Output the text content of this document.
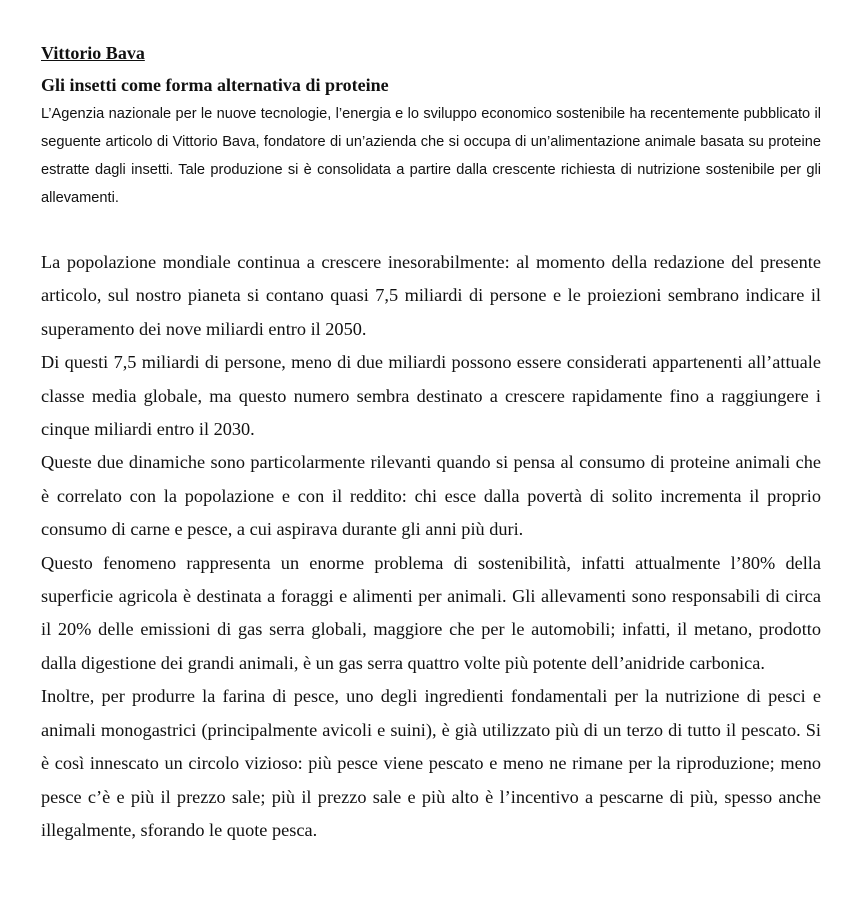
Vittorio Bava
Gli insetti come forma alternativa di proteine

L’Agenzia nazionale per le nuove tecnologie, l’energia e lo sviluppo economico sostenibile ha recentemente pubblicato il seguente articolo di Vittorio Bava, fondatore di un’azienda che si occupa di un’alimentazione animale basata su proteine estratte dagli insetti. Tale produzione si è consolidata a partire dalla crescente richiesta di nutrizione sostenibile per gli allevamenti.

La popolazione mondiale continua a crescere inesorabilmente: al momento della redazione del presente articolo, sul nostro pianeta si contano quasi 7,5 miliardi di persone e le proiezioni sembrano indicare il superamento dei nove miliardi entro il 2050.

Di questi 7,5 miliardi di persone, meno di due miliardi possono essere considerati appartenenti all’attuale classe media globale, ma questo numero sembra destinato a crescere rapidamente fino a raggiungere i cinque miliardi entro il 2030.

Queste due dinamiche sono particolarmente rilevanti quando si pensa al consumo di proteine animali che è correlato con la popolazione e con il reddito: chi esce dalla povertà di solito incrementa il proprio consumo di carne e pesce, a cui aspirava durante gli anni più duri.

Questo fenomeno rappresenta un enorme problema di sostenibilità, infatti attualmente l’80% della superficie agricola è destinata a foraggi e alimenti per animali. Gli allevamenti sono responsabili di circa il 20% delle emissioni di gas serra globali, maggiore che per le automobili; infatti, il metano, prodotto dalla digestione dei grandi animali, è un gas serra quattro volte più potente dell’anidride carbonica.

Inoltre, per produrre la farina di pesce, uno degli ingredienti fondamentali per la nutrizione di pesci e animali monogastrici (principalmente avicoli e suini), è già utilizzato più di un terzo di tutto il pescato. Si è così innescato un circolo vizioso: più pesce viene pescato e meno ne rimane per la riproduzione; meno pesce c’è e più il prezzo sale; più il prezzo sale e più alto è l’incentivo a pescarne di più, spesso anche illegalmente, sforando le quote pesca.
